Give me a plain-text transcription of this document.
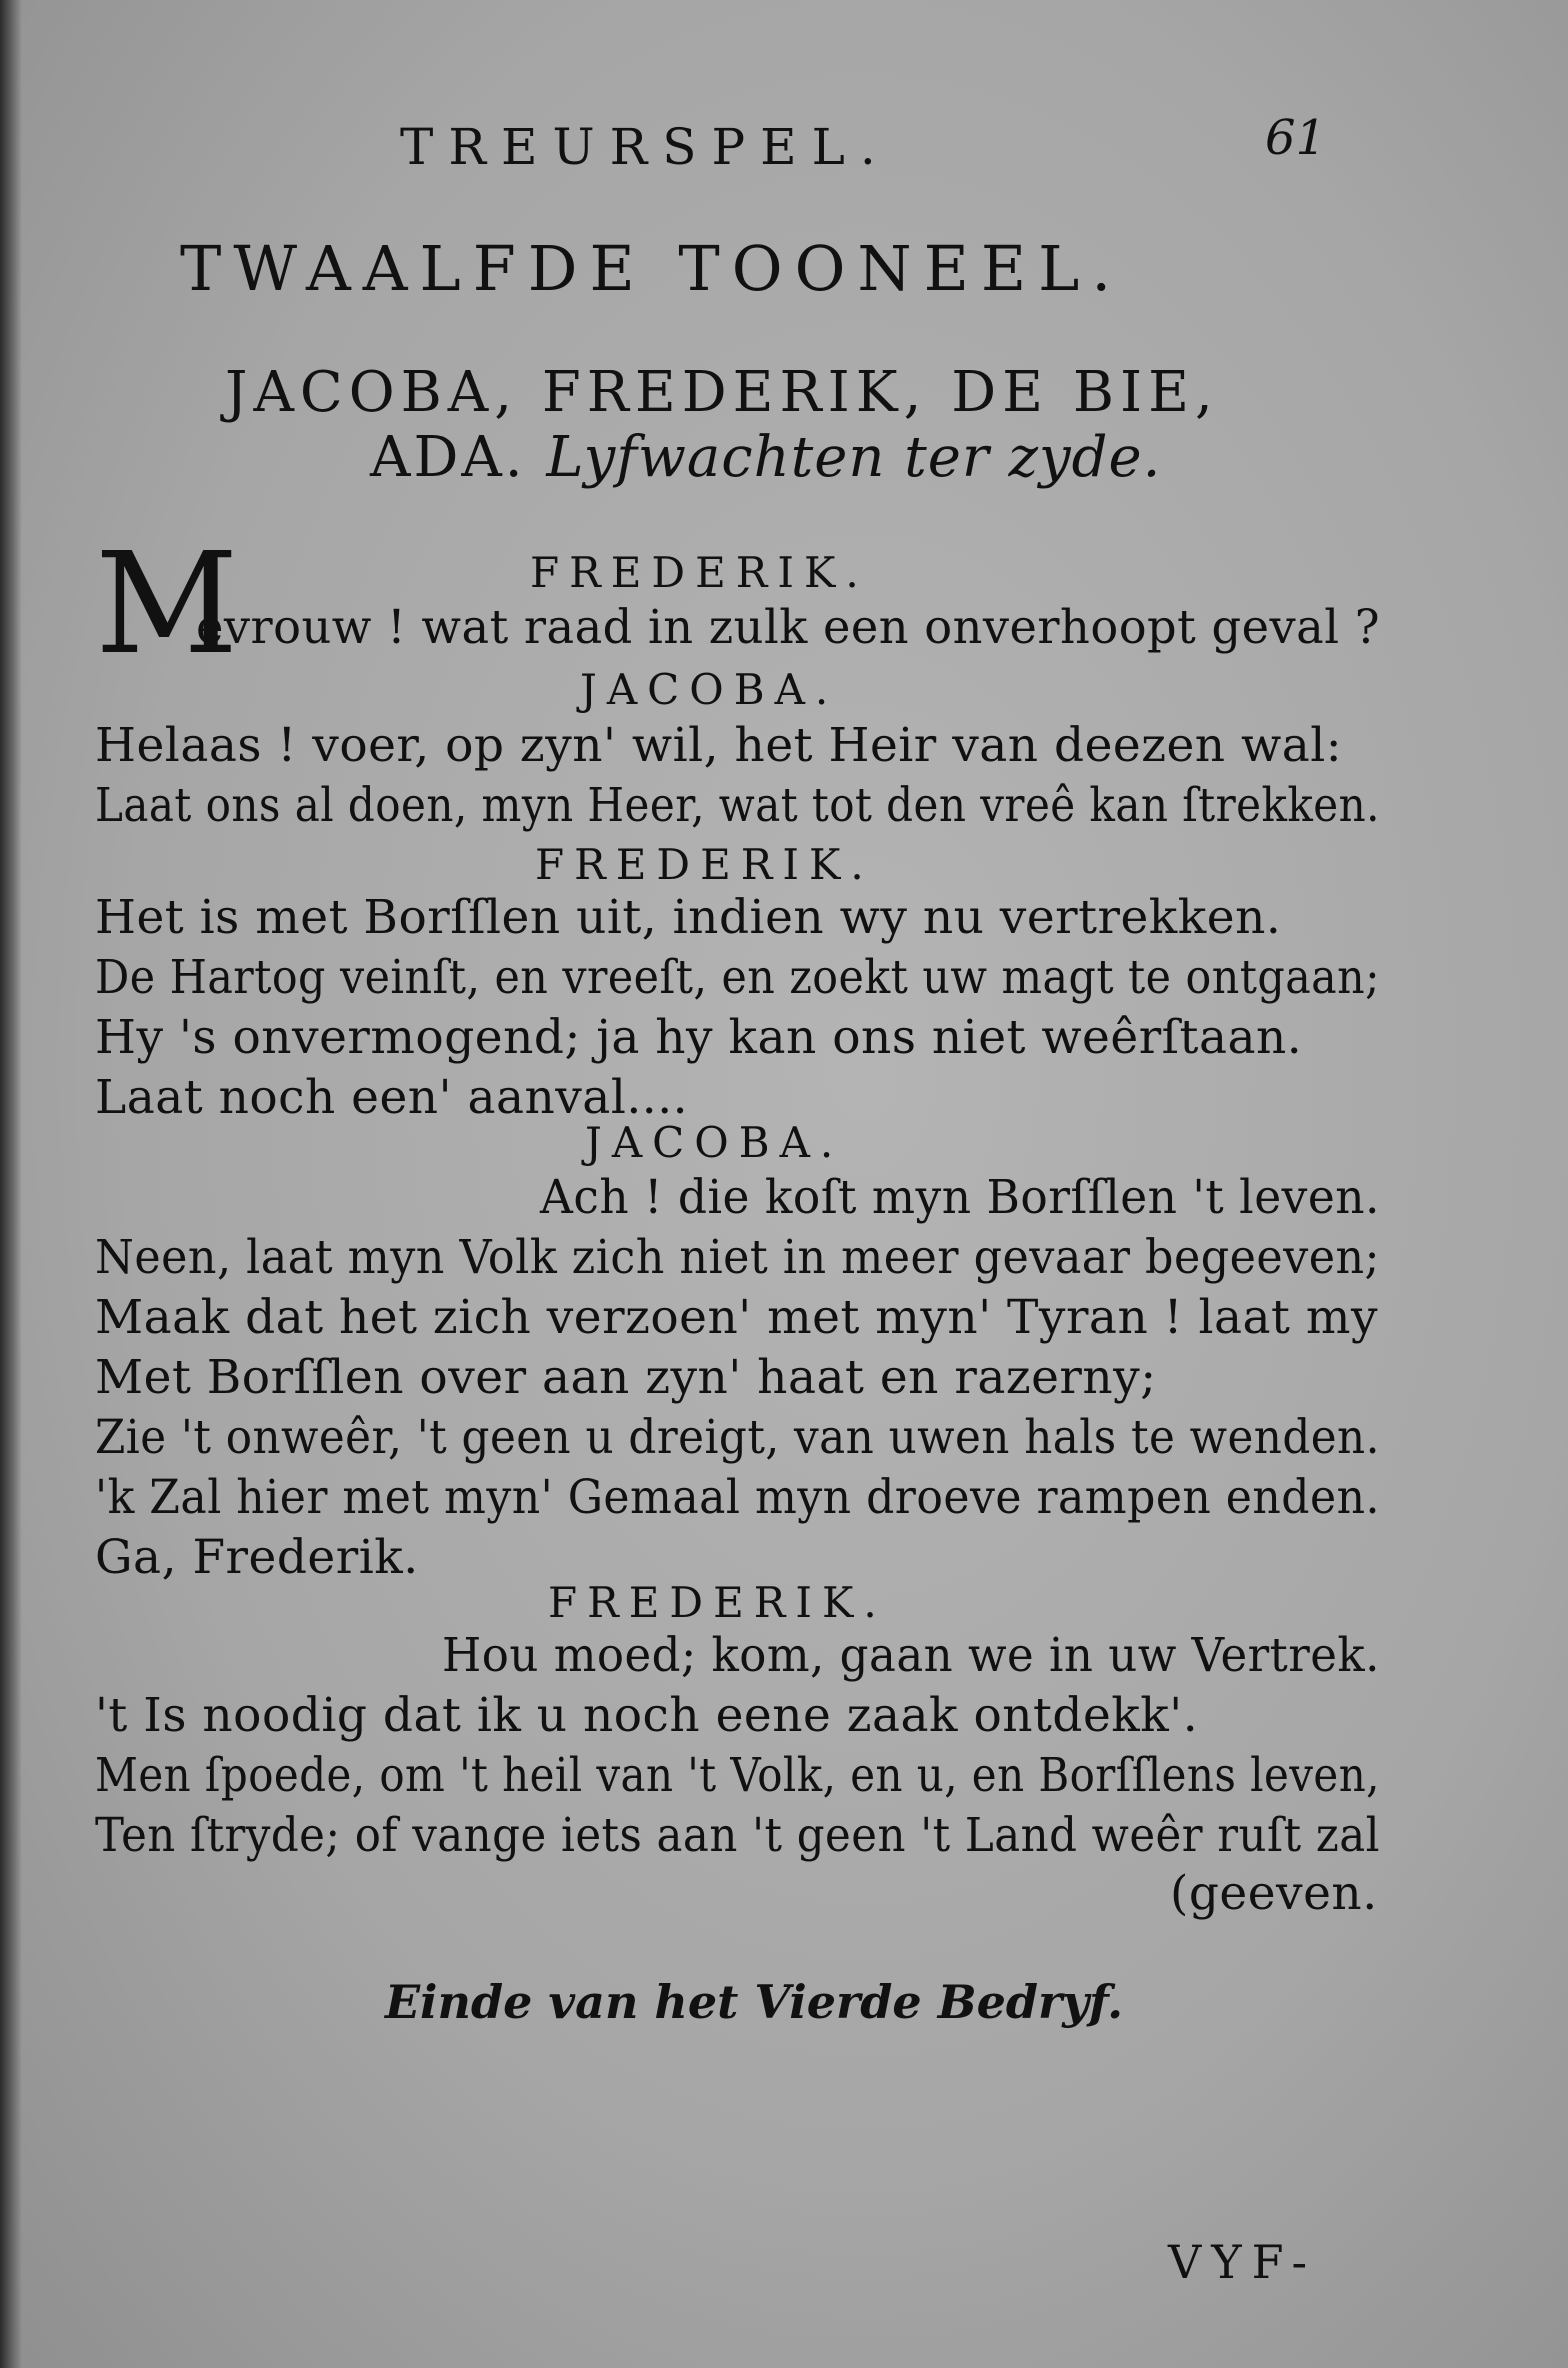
TREURSPEL.	61
TWAALFDE TOONEEL.
JACOBA, FREDERIK, DE BIE,
ADA. Lyfwachten ter zyde.
FREDERIK.
M
evrouw ! wat raad in zulk een onverhoopt geval ?
JACOBA.
Helaas ! voer, op zyn' wil, het Heir van deezen wal:
Laat ons al doen, myn Heer, wat tot den vreê kan ſtrekken.
FREDERIK.
Het is met Borſſlen uit, indien wy nu vertrekken.
De Hartog veinſt, en vreeſt, en zoekt uw magt te ontgaan;
Hy 's onvermogend; ja hy kan ons niet weêrſtaan.
Laat noch een' aanval....
JACOBA.
Ach ! die koſt myn Borſſlen 't leven.
Neen, laat myn Volk zich niet in meer gevaar begeeven;
Maak dat het zich verzoen' met myn' Tyran ! laat my
Met Borſſlen over aan zyn' haat en razerny;
Zie 't onweêr, 't geen u dreigt, van uwen hals te wenden.
'k Zal hier met myn' Gemaal myn droeve rampen enden.
Ga, Frederik.
FREDERIK.
Hou moed; kom, gaan we in uw Vertrek.
't Is noodig dat ik u noch eene zaak ontdekk'.
Men ſpoede, om 't heil van 't Volk, en u, en Borſſlens leven,
Ten ſtryde; of vange iets aan 't geen 't Land weêr ruſt zal
(geeven.
Einde van het Vierde Bedryf.
VYF-
